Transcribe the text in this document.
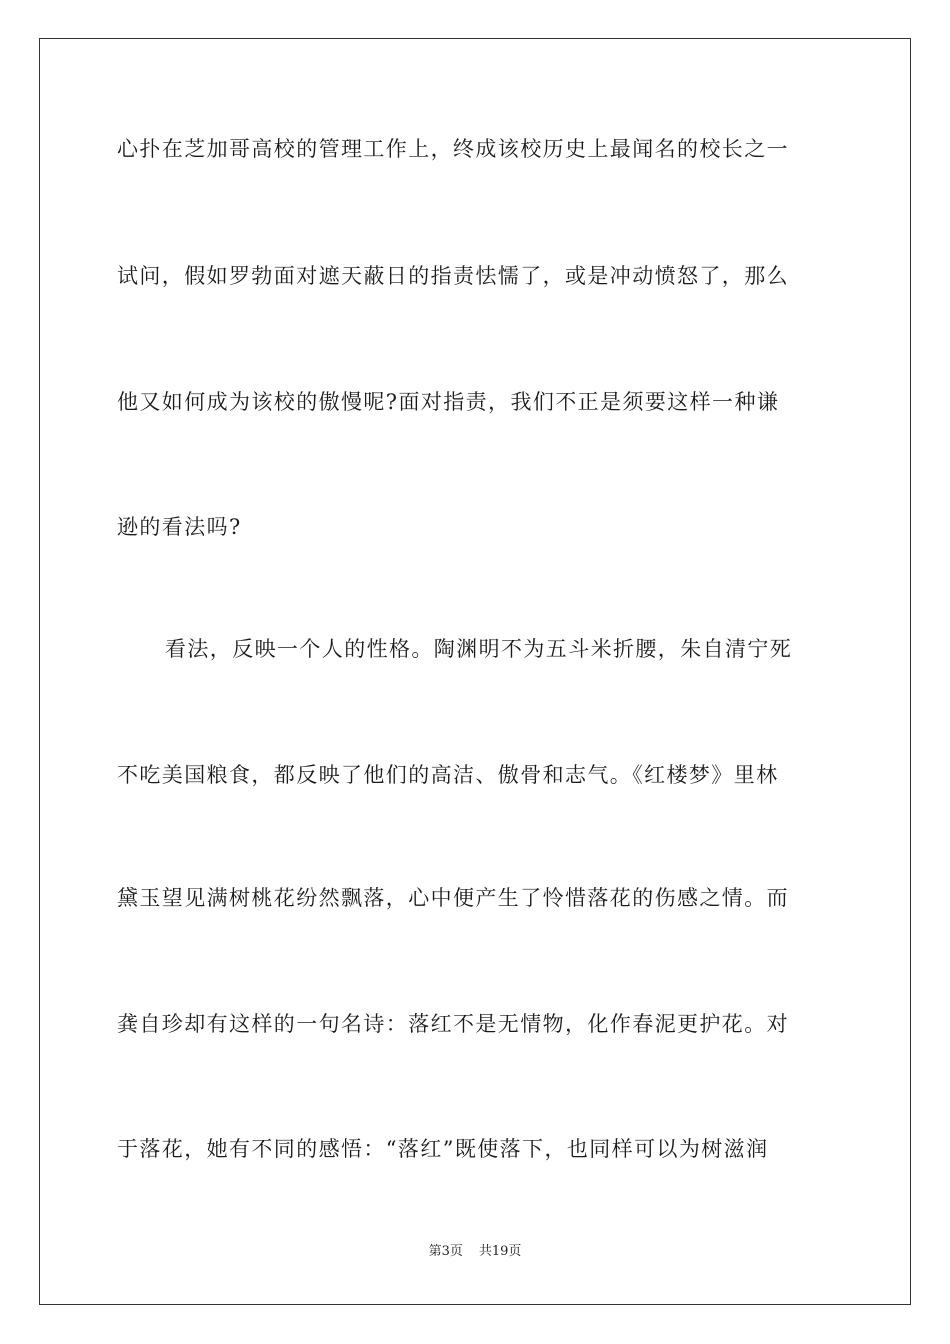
心扑在芝加哥高校的管理工作上，终成该校历史上最闻名的校长之一
试问，假如罗勃面对遮天蔽日的指责怯懦了，或是冲动愤怒了，那么
他又如何成为该校的傲慢呢?面对指责，我们不正是须要这样一种谦
逊的看法吗?
看法，反映一个人的性格。陶渊明不为五斗米折腰，朱自清宁死
不吃美国粮食，都反映了他们的高洁、傲骨和志气。《红楼梦》里林
黛玉望见满树桃花纷然飘落，心中便产生了怜惜落花的伤感之情。而
龚自珍却有这样的一句名诗：落红不是无情物，化作春泥更护花。对
于落花，她有不同的感悟：“落红”既使落下，也同样可以为树滋润
第3页 共19页
